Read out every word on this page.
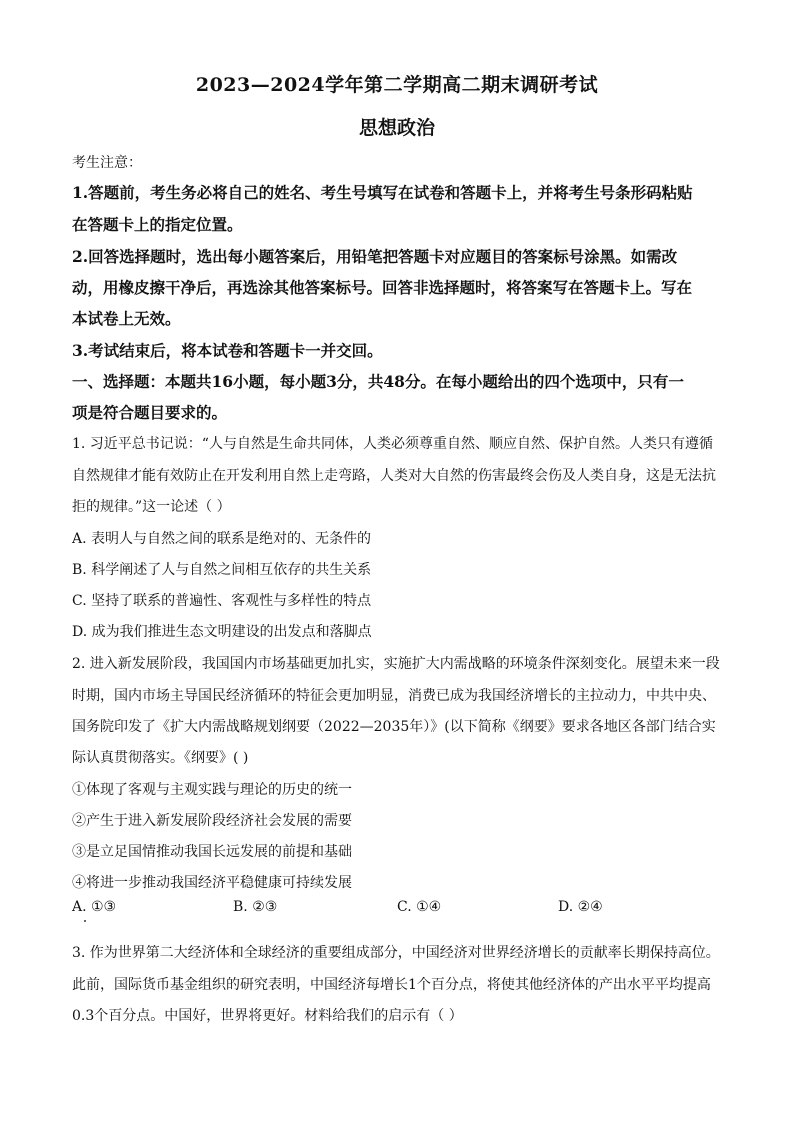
2023—2024学年第二学期高二期末调研考试
思想政治
考生注意：
1.答题前，考生务必将自己的姓名、考生号填写在试卷和答题卡上，并将考生号条形码粘贴
在答题卡上的指定位置。
2.回答选择题时，选出每小题答案后，用铅笔把答题卡对应题目的答案标号涂黑。如需改
动，用橡皮擦干净后，再选涂其他答案标号。回答非选择题时，将答案写在答题卡上。写在
本试卷上无效。
3.考试结束后，将本试卷和答题卡一并交回。
一、选择题：本题共16小题，每小题3分，共48分。在每小题给出的四个选项中，只有一
项是符合题目要求的。
1. 习近平总书记说：“人与自然是生命共同体，人类必须尊重自然、顺应自然、保护自然。人类只有遵循
自然规律才能有效防止在开发利用自然上走弯路，人类对大自然的伤害最终会伤及人类自身，这是无法抗
拒的规律。”这一论述（ ）
A. 表明人与自然之间的联系是绝对的、无条件的
B. 科学阐述了人与自然之间相互依存的共生关系
C. 坚持了联系的普遍性、客观性与多样性的特点
D. 成为我们推进生态文明建设的出发点和落脚点
2. 进入新发展阶段，我国国内市场基础更加扎实，实施扩大内需战略的环境条件深刻变化。展望未来一段
时期，国内市场主导国民经济循环的特征会更加明显，消费已成为我国经济增长的主拉动力，中共中央、
国务院印发了《扩大内需战略规划纲要（2022—2035年）》(以下简称《纲要》要求各地区各部门结合实
际认真贯彻落实。《纲要》( )
①体现了客观与主观实践与理论的历史的统一
②产生于进入新发展阶段经济社会发展的需要
③是立足国情推动我国长远发展的前提和基础
④将进一步推动我国经济平稳健康可持续发展
A. ①③	B. ②③	C. ①④	D. ②④
3. 作为世界第二大经济体和全球经济的重要组成部分，中国经济对世界经济增长的贡献率长期保持高位。
此前，国际货币基金组织的研究表明，中国经济每增长1个百分点，将使其他经济体的产出水平平均提高
0.3个百分点。中国好，世界将更好。材料给我们的启示有（ ）
